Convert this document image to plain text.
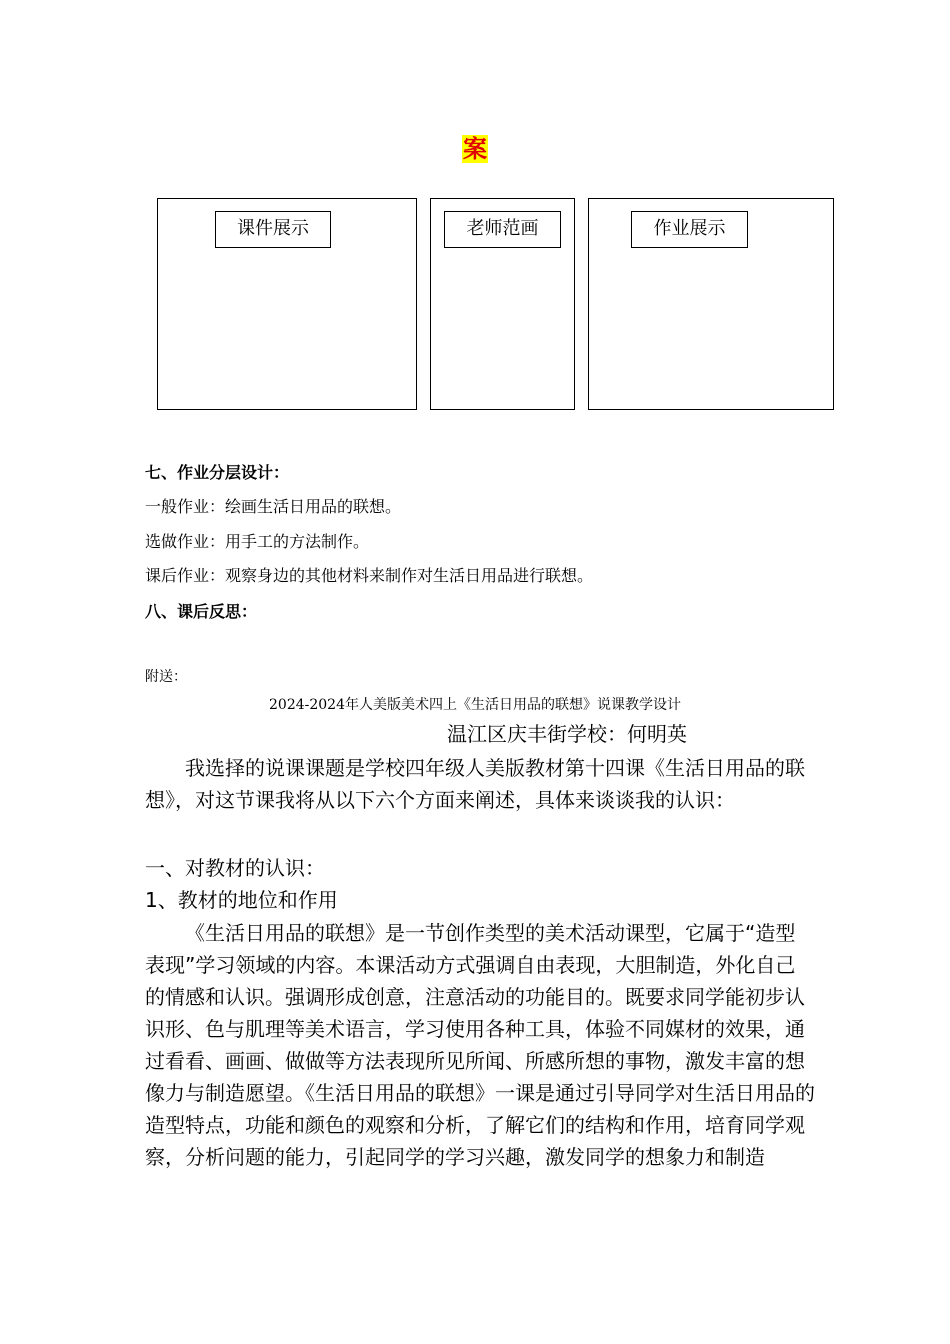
案
课件展示	老师范画	作业展示
七、作业分层设计：
一般作业：绘画生活日用品的联想。
选做作业：用手工的方法制作。
课后作业：观察身边的其他材料来制作对生活日用品进行联想。
八、课后反思：
附送：
2024-2024年人美版美术四上《生活日用品的联想》说课教学设计
温江区庆丰街学校：何明英
我选择的说课课题是学校四年级人美版教材第十四课《生活日用品的联想》，对这节课我将从以下六个方面来阐述，具体来谈谈我的认识：
一、对教材的认识：
1、教材的地位和作用
《生活日用品的联想》是一节创作类型的美术活动课型，它属于“造型表现”学习领域的内容。本课活动方式强调自由表现，大胆制造，外化自己的情感和认识。强调形成创意，注意活动的功能目的。既要求同学能初步认识形、色与肌理等美术语言，学习使用各种工具，体验不同媒材的效果，通过看看、画画、做做等方法表现所见所闻、所感所想的事物，激发丰富的想像力与制造愿望。《生活日用品的联想》一课是通过引导同学对生活日用品的造型特点，功能和颜色的观察和分析，了解它们的结构和作用，培育同学观察，分析问题的能力，引起同学的学习兴趣，激发同学的想象力和制造
